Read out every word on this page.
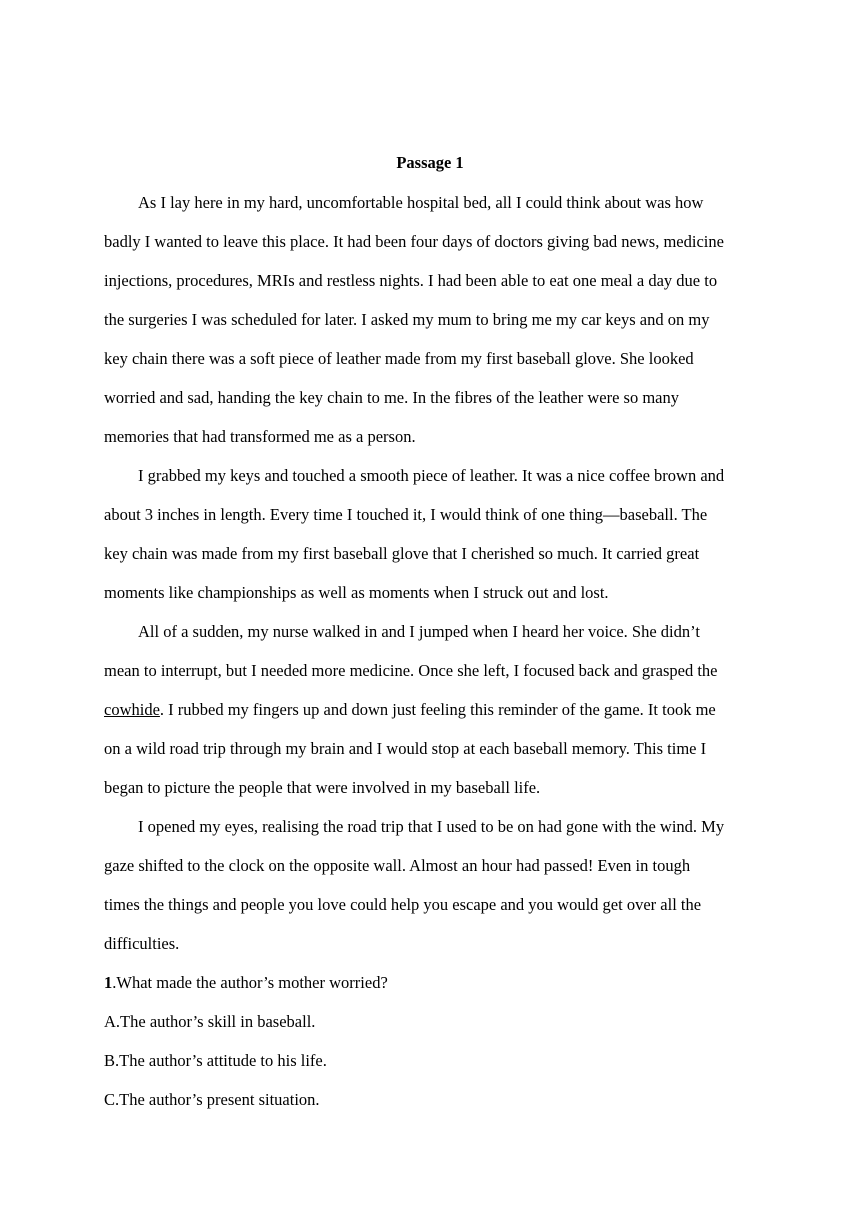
Passage 1
As I lay here in my hard, uncomfortable hospital bed, all I could think about was how
badly I wanted to leave this place. It had been four days of doctors giving bad news, medicine
injections, procedures, MRIs and restless nights. I had been able to eat one meal a day due to
the surgeries I was scheduled for later. I asked my mum to bring me my car keys and on my
key chain there was a soft piece of leather made from my first baseball glove. She looked
worried and sad, handing the key chain to me. In the fibres of the leather were so many
memories that had transformed me as a person.
I grabbed my keys and touched a smooth piece of leather. It was a nice coffee brown and
about 3 inches in length. Every time I touched it, I would think of one thing—baseball. The
key chain was made from my first baseball glove that I cherished so much. It carried great
moments like championships as well as moments when I struck out and lost.
All of a sudden, my nurse walked in and I jumped when I heard her voice. She didn’t
mean to interrupt, but I needed more medicine. Once she left, I focused back and grasped the
cowhide. I rubbed my fingers up and down just feeling this reminder of the game. It took me
on a wild road trip through my brain and I would stop at each baseball memory. This time I
began to picture the people that were involved in my baseball life.
I opened my eyes, realising the road trip that I used to be on had gone with the wind. My
gaze shifted to the clock on the opposite wall. Almost an hour had passed! Even in tough
times the things and people you love could help you escape and you would get over all the
difficulties.
1.What made the author’s mother worried?
A.The author’s skill in baseball.
B.The author’s attitude to his life.
C.The author’s present situation.
